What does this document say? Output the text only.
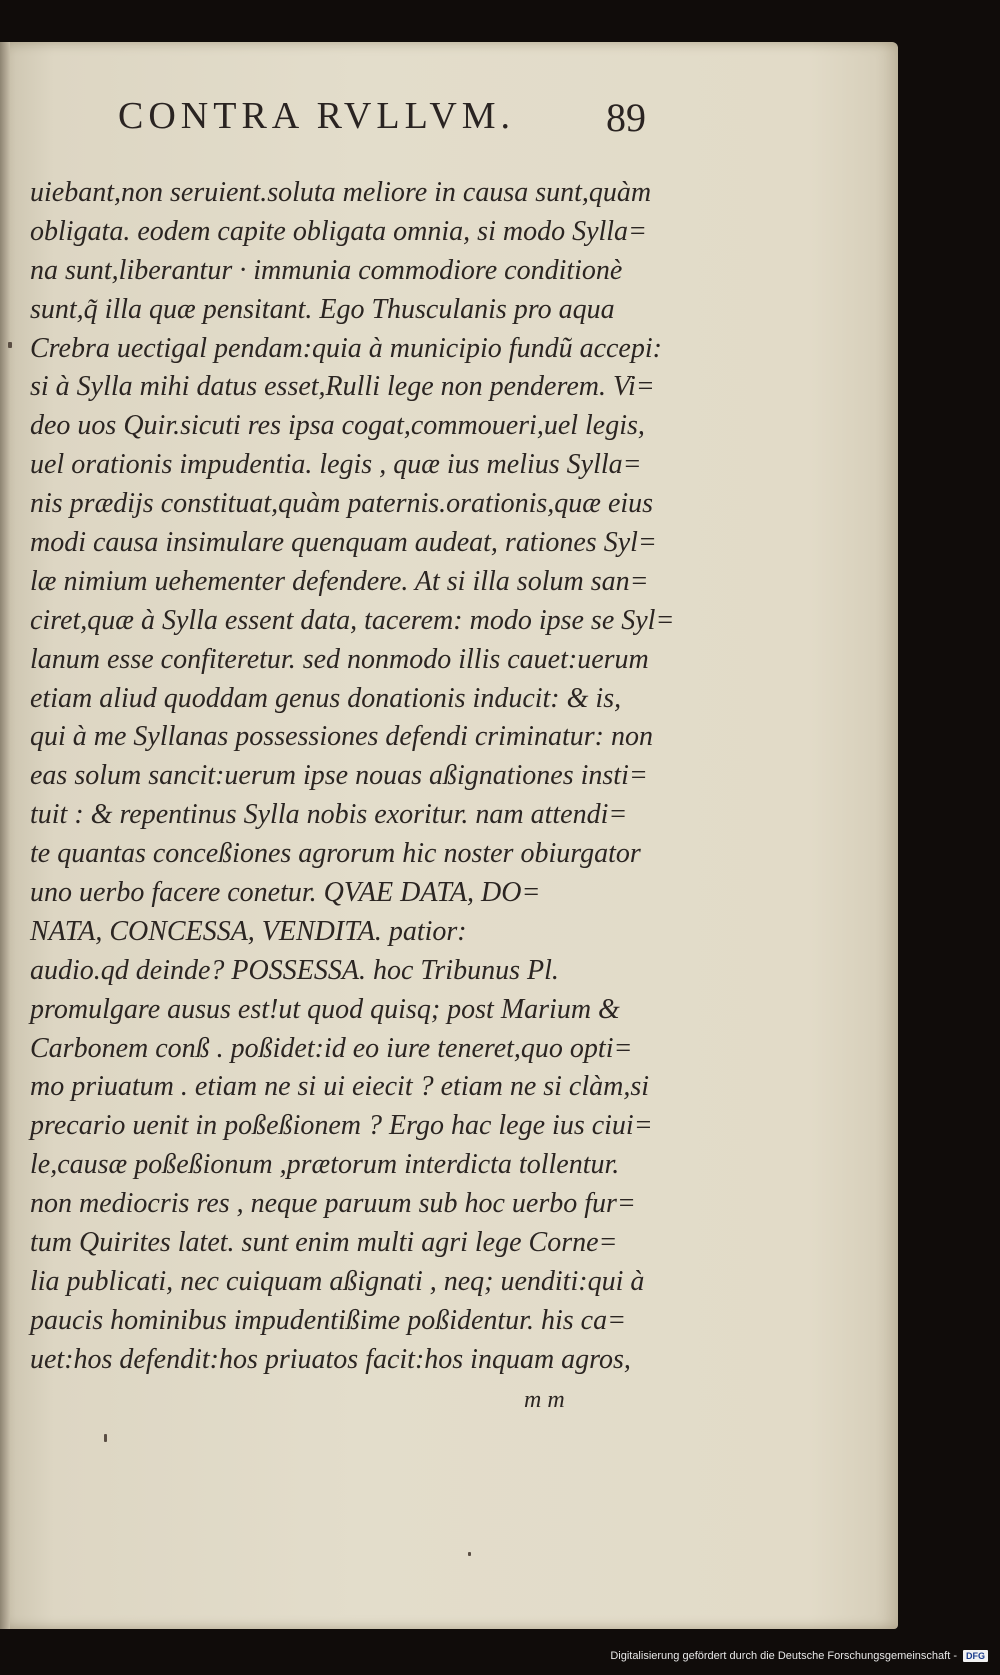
CONTRA RVLLVM. 89
uiebant,non seruient.soluta meliore in causa sunt,quàm
obligata. eodem capite obligata omnia, si modo Sylla=
na sunt,liberantur · immunia commodiore conditionè
sunt,q̃ illa quæ pensitant. Ego Thusculanis pro aqua
Crebra uectigal pendam:quia à municipio fundũ accepi:
si à Sylla mihi datus esset,Rulli lege non penderem. Vi=
deo uos Quir.sicuti res ipsa cogat,commoueri,uel legis,
uel orationis impudentia. legis , quæ ius melius Sylla=
nis prædijs constituat,quàm paternis.orationis,quæ eius
modi causa insimulare quenquam audeat, rationes Syl=
læ nimium uehementer defendere. At si illa solum san=
ciret,quæ à Sylla essent data, tacerem: modo ipse se Syl=
lanum esse confiteretur. sed nonmodo illis cauet:uerum
etiam aliud quoddam genus donationis inducit: & is,
qui à me Syllanas possessiones defendi criminatur: non
eas solum sancit:uerum ipse nouas aßignationes insti=
tuit : & repentinus Sylla nobis exoritur. nam attendi=
te quantas conceßiones agrorum hic noster obiurgator
uno uerbo facere conetur. QVAE DATA, DO=
NATA, CONCESSA, VENDITA. patior:
audio.qd deinde? POSSESSA. hoc Tribunus Pl.
promulgare ausus est!ut quod quisq; post Marium &
Carbonem conß . poßidet:id eo iure teneret,quo opti=
mo priuatum . etiam ne si ui eiecit ? etiam ne si clàm,si
precario uenit in poßeßionem ? Ergo hac lege ius ciui=
le,causæ poßeßionum ,prætorum interdicta tollentur.
non mediocris res , neque paruum sub hoc uerbo fur=
tum Quirites latet. sunt enim multi agri lege Corne=
lia publicati, nec cuiquam aßignati , neq; uenditi:qui à
paucis hominibus impudentißime poßidentur. his ca=
uet:hos defendit:hos priuatos facit:hos inquam agros,
m m
Digitalisierung gefördert durch die Deutsche Forschungsgemeinschaft -	DFG
